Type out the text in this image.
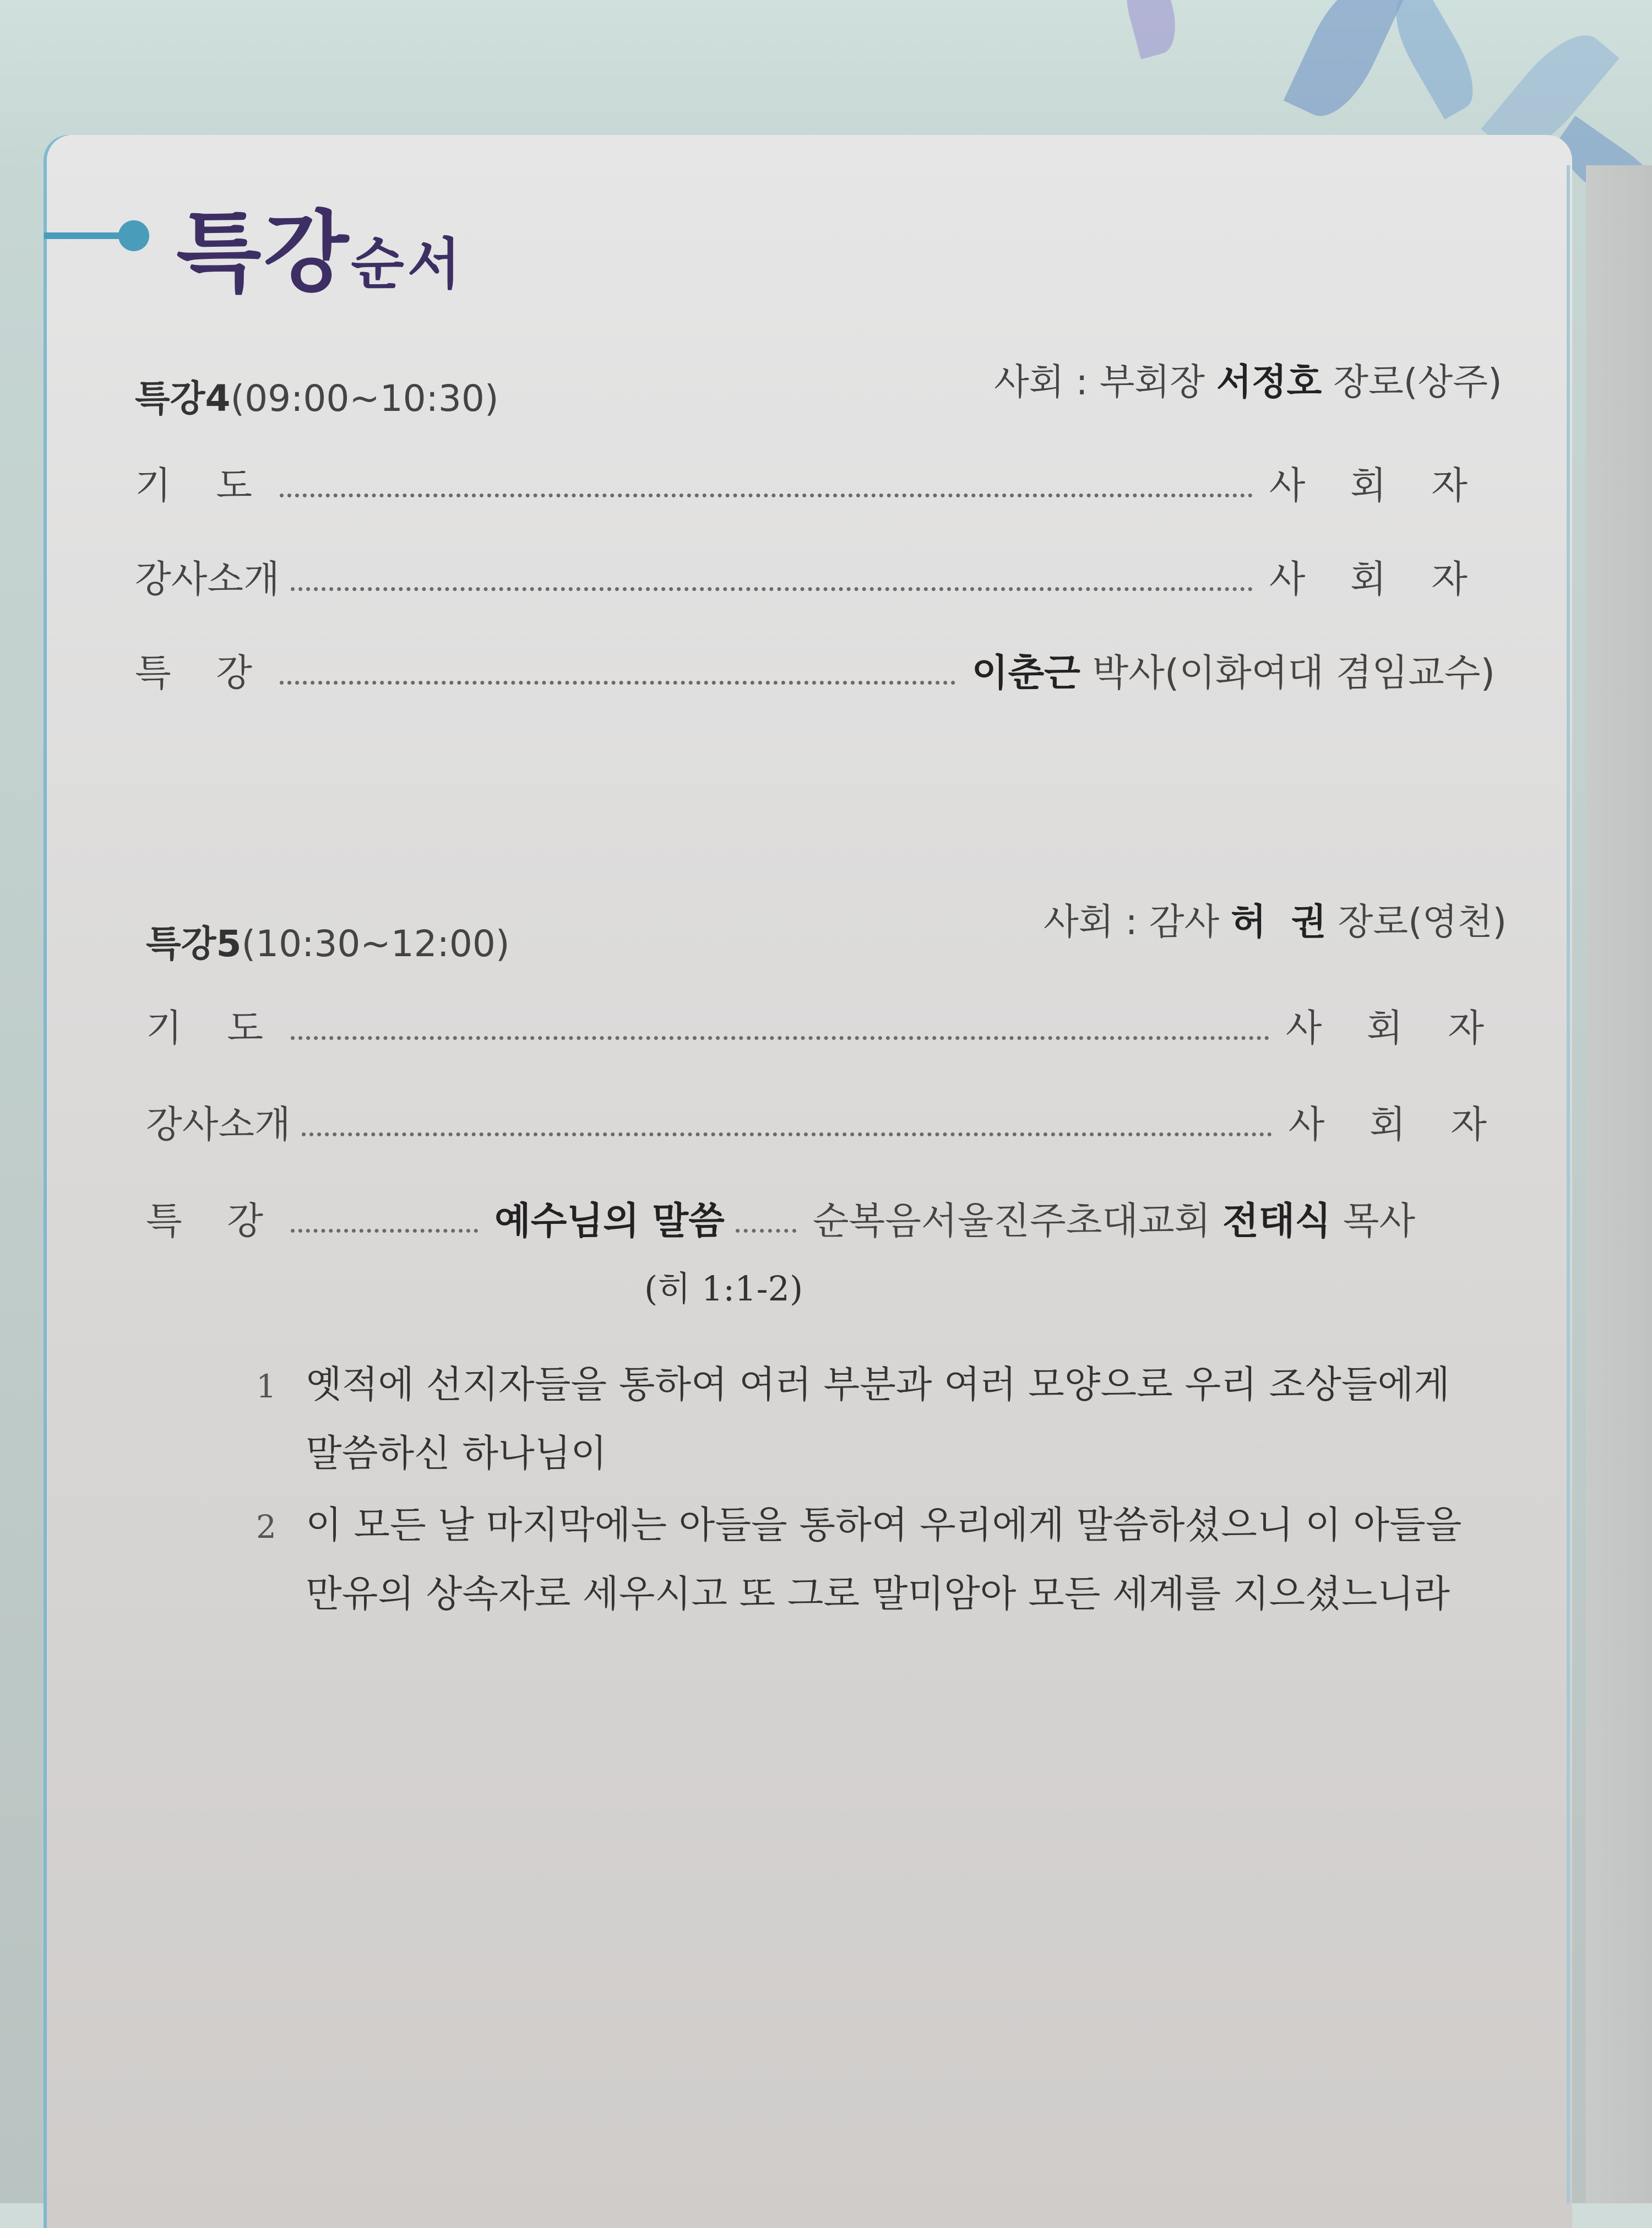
특강순서
특강4(09:00~10:30)	사회 : 부회장 서정호 장로(상주)
기 도	사 회 자
강사소개	사 회 자
특 강	이춘근 박사(이화여대 겸임교수)
특강5(10:30~12:00)
사회 : 감사 허  권 장로(영천)
기 도	사 회 자
강사소개	사 회 자
특 강	예수님의 말씀 순복음서울진주초대교회 전태식 목사
(히 1:1-2)
1 옛적에 선지자들을 통하여 여러 부분과 여러 모양으로 우리 조상들에게
말씀하신 하나님이
2 이 모든 날 마지막에는 아들을 통하여 우리에게 말씀하셨으니 이 아들을
만유의 상속자로 세우시고 또 그로 말미암아 모든 세계를 지으셨느니라
